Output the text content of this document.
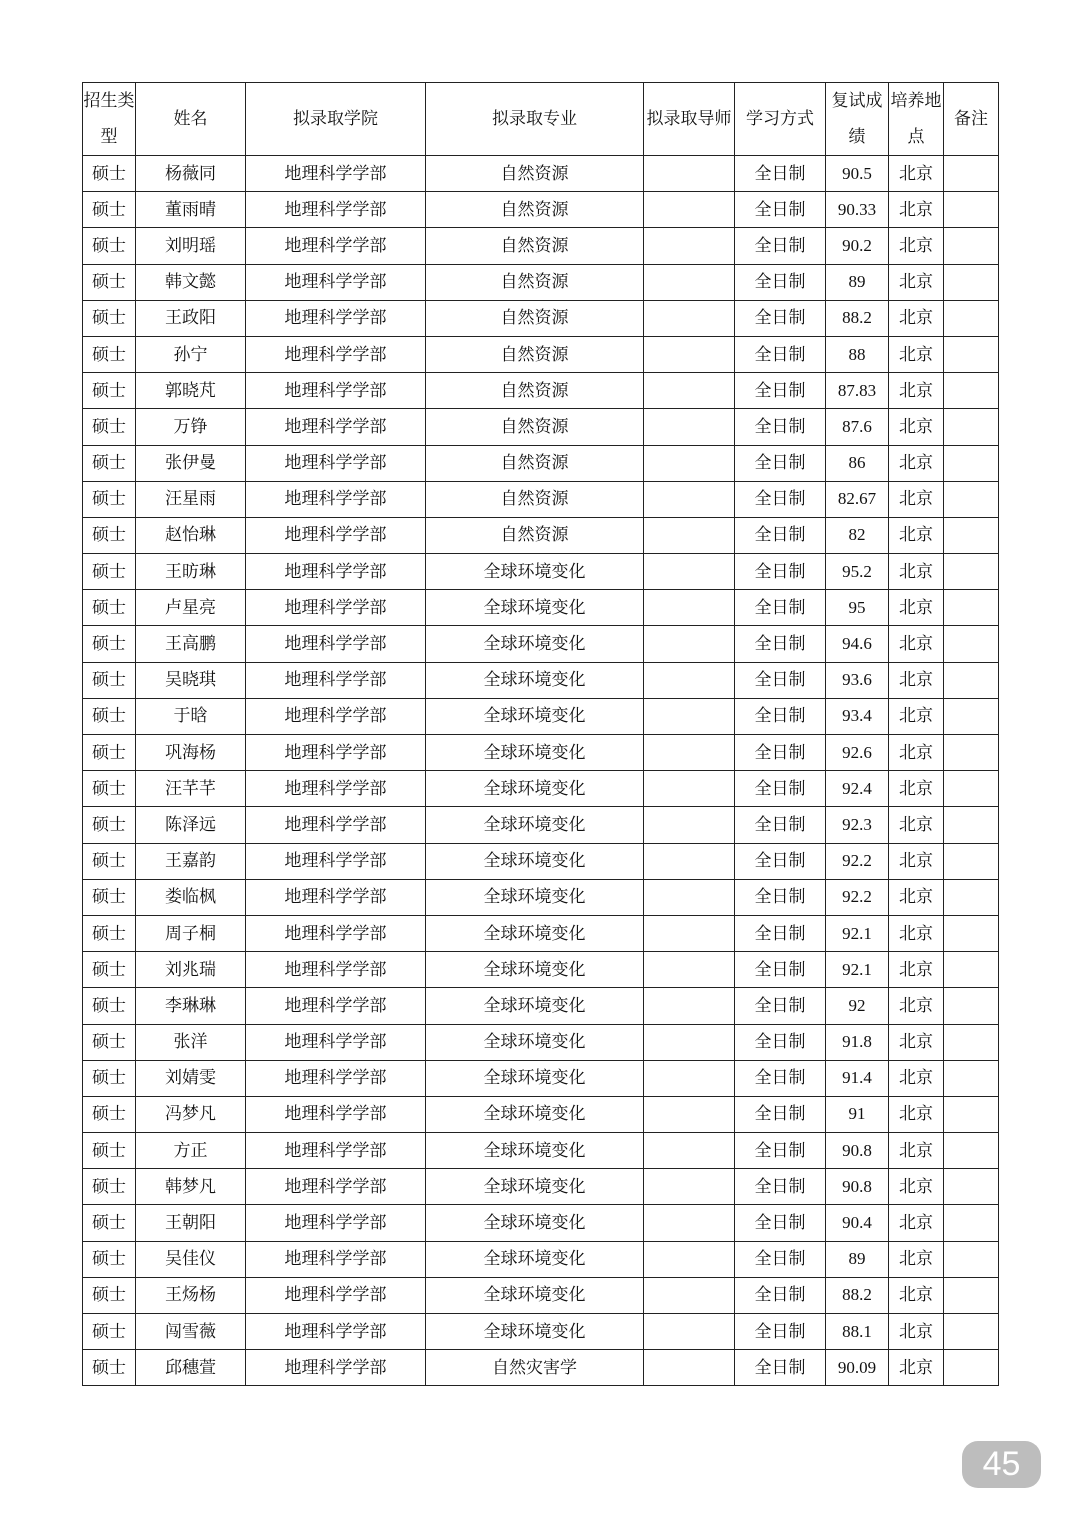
招生类型	姓名	拟录取学院	拟录取专业	拟录取导师	学习方式	复试成绩	培养地点	备注
硕士	杨薇同	地理科学学部	自然资源		全日制	90.5	北京	
硕士	董雨晴	地理科学学部	自然资源		全日制	90.33	北京	
硕士	刘明瑶	地理科学学部	自然资源		全日制	90.2	北京	
硕士	韩文懿	地理科学学部	自然资源		全日制	89	北京	
硕士	王政阳	地理科学学部	自然资源		全日制	88.2	北京	
硕士	孙宁	地理科学学部	自然资源		全日制	88	北京	
硕士	郭晓芃	地理科学学部	自然资源		全日制	87.83	北京	
硕士	万铮	地理科学学部	自然资源		全日制	87.6	北京	
硕士	张伊曼	地理科学学部	自然资源		全日制	86	北京	
硕士	汪星雨	地理科学学部	自然资源		全日制	82.67	北京	
硕士	赵怡琳	地理科学学部	自然资源		全日制	82	北京	
硕士	王昉琳	地理科学学部	全球环境变化		全日制	95.2	北京	
硕士	卢星亮	地理科学学部	全球环境变化		全日制	95	北京	
硕士	王高鹏	地理科学学部	全球环境变化		全日制	94.6	北京	
硕士	吴晓琪	地理科学学部	全球环境变化		全日制	93.6	北京	
硕士	于晗	地理科学学部	全球环境变化		全日制	93.4	北京	
硕士	巩海杨	地理科学学部	全球环境变化		全日制	92.6	北京	
硕士	汪芊芊	地理科学学部	全球环境变化		全日制	92.4	北京	
硕士	陈泽远	地理科学学部	全球环境变化		全日制	92.3	北京	
硕士	王嘉韵	地理科学学部	全球环境变化		全日制	92.2	北京	
硕士	娄临枫	地理科学学部	全球环境变化		全日制	92.2	北京	
硕士	周子桐	地理科学学部	全球环境变化		全日制	92.1	北京	
硕士	刘兆瑞	地理科学学部	全球环境变化		全日制	92.1	北京	
硕士	李琳琳	地理科学学部	全球环境变化		全日制	92	北京	
硕士	张洋	地理科学学部	全球环境变化		全日制	91.8	北京	
硕士	刘婧雯	地理科学学部	全球环境变化		全日制	91.4	北京	
硕士	冯梦凡	地理科学学部	全球环境变化		全日制	91	北京	
硕士	方正	地理科学学部	全球环境变化		全日制	90.8	北京	
硕士	韩梦凡	地理科学学部	全球环境变化		全日制	90.8	北京	
硕士	王朝阳	地理科学学部	全球环境变化		全日制	90.4	北京	
硕士	吴佳仪	地理科学学部	全球环境变化		全日制	89	北京	
硕士	王炀杨	地理科学学部	全球环境变化		全日制	88.2	北京	
硕士	闯雪薇	地理科学学部	全球环境变化		全日制	88.1	北京	
硕士	邱穗萱	地理科学学部	自然灾害学		全日制	90.09	北京	
45
